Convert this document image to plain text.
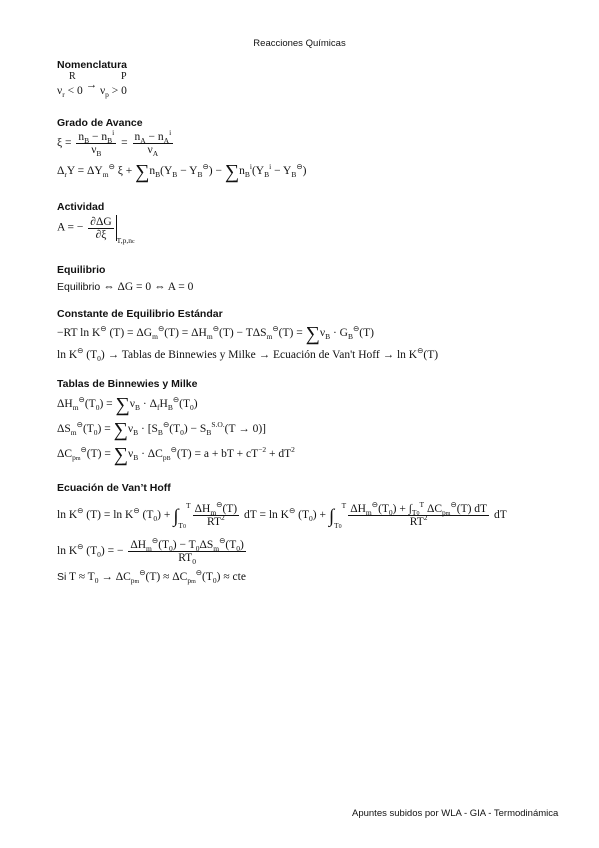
Reacciones Químicas
Nomenclatura
R	P
$\nu_r < 0 \to \nu_p > 0$
Grado de Avance
$\xi = \frac{n_B - n_B^i}{\nu_B} = \frac{n_A - n_A^i}{\nu_A}$
$\Delta_rY = \Delta Y_m^⊖$ $\xi + \sum n_B(Y_B - Y_B^⊖) - \sum n_B^i(Y_B^i - Y_B^⊖)$
Actividad
A = − $\frac{\partial\Delta G}{\partial\xi} _{T,p,nc}$
Equilibrio
Equilibrio ⇔ ΔG = 0 ⇔ A = 0
Constante de Equilibrio Estándar
−RT ln K⊖ $(T) = \Delta G_m^⊖(T) = \Delta H_m^⊖(T) - T\Delta S_m^⊖(T) = \sum\nu_B \cdot G_B^⊖(T)$
ln K⊖ $(T_0)$ → Tablas de Binnewies y Milke → Ecuación de Van't Hoff → ln K⊖(T)
Tablas de Binnewies y Milke
$\Delta H_m^⊖(T_0) = \sum\nu_B \cdot \Delta_fH_B^⊖(T_0)$
$\Delta S_m^⊖(T_0) = \sum\nu_B \cdot [S_B^⊖(T_0) - S_B^{S.O.}(T \to 0)]$
$\Delta C_{pm}^⊖(T) = \sum\nu_B \cdot \Delta C_{pB}^⊖(T) = a$ + bT + $cT^{-2} + dT^2$
Ecuación de Van’t Hoff
ln K⊖ (T) = ln K⊖ $(T_0) + \int_{T0}^T \frac{\Delta H_m^⊖(T)}{RT^2}$ dT = ln K⊖ $(T_0) + \int_{T0}^T \frac{\Delta H_m^⊖(T_0) + \int_{T0}^T \Delta C_{pm}^⊖(T) dT}{RT^2}$ dT
ln K⊖ $(T_0)$ = − $\frac{\Delta H_m^⊖(T_0) - T_0\Delta S_m^⊖(T_0)}{RT_0}$
Si $T \approx T_0 \to \Delta C_{pm}^⊖(T) \approx \Delta C_{pm}^⊖(T_0)$ ≈ cte
Apuntes subidos por WLA - GIA - Termodinámica
